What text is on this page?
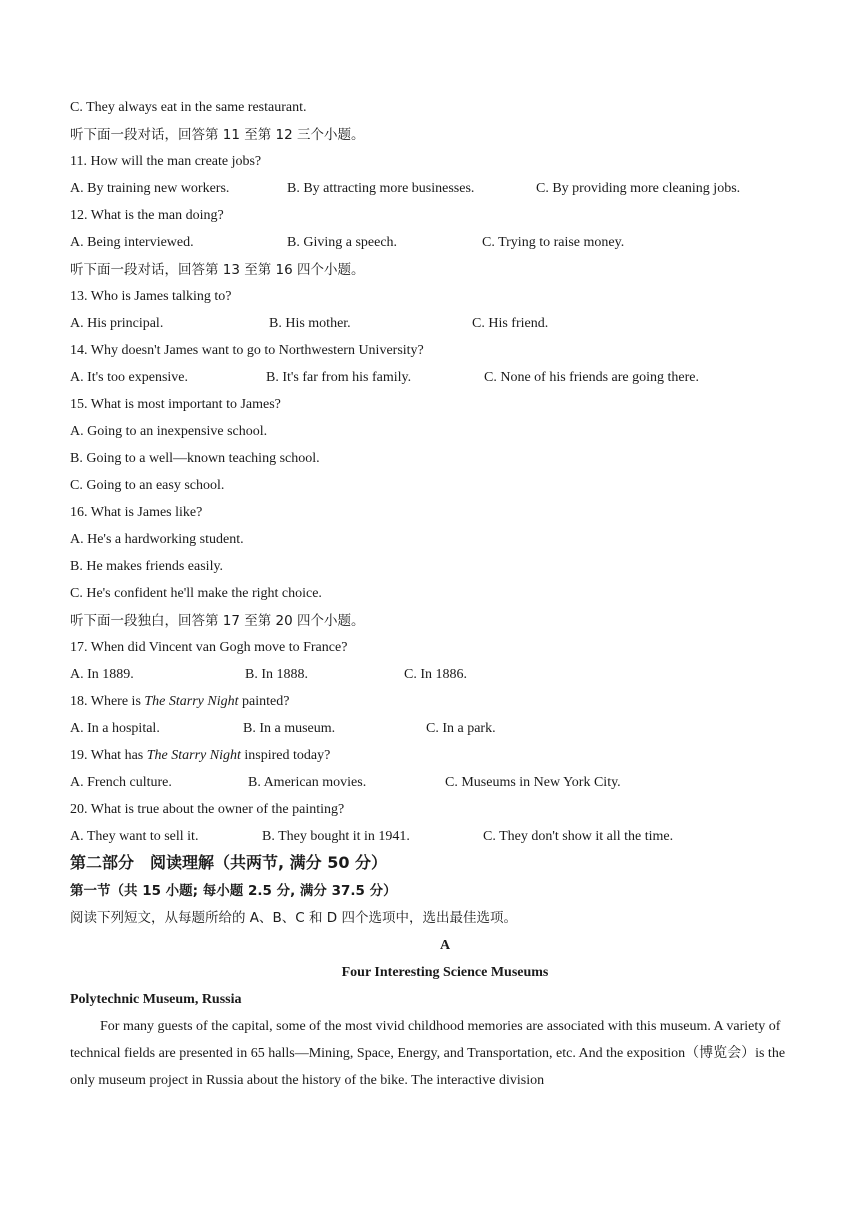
C. They always eat in the same restaurant.
听下面一段对话，回答第 11 至第 12 三个小题。
11. How will the man create jobs?
A. By training new workers.	B. By attracting more businesses.	C. By providing more cleaning jobs.
12. What is the man doing?
A. Being interviewed.	B. Giving a speech.	C. Trying to raise money.
听下面一段对话，回答第 13 至第 16 四个小题。
13. Who is James talking to?
A. His principal.	B. His mother.	C. His friend.
14. Why doesn't James want to go to Northwestern University?
A. It's too expensive.	B. It's far from his family.	C. None of his friends are going there.
15. What is most important to James?
A. Going to an inexpensive school.
B. Going to a well—known teaching school.
C. Going to an easy school.
16. What is James like?
A. He's a hardworking student.
B. He makes friends easily.
C. He's confident he'll make the right choice.
听下面一段独白，回答第 17 至第 20 四个小题。
17. When did Vincent van Gogh move to France?
A. In 1889.	B. In 1888.	C. In 1886.
18. Where is The Starry Night painted?
A. In a hospital.	B. In a museum.	C. In a park.
19. What has The Starry Night inspired today?
A. French culture.	B. American movies.	C. Museums in New York City.
20. What is true about the owner of the painting?
A. They want to sell it.	B. They bought it in 1941.	C. They don't show it all the time.
第二部分　阅读理解（共两节, 满分 50 分）
第一节（共 15 小题; 每小题 2.5 分, 满分 37.5 分）
阅读下列短文，从每题所给的 A、B、C 和 D 四个选项中，选出最佳选项。
A
Four Interesting Science Museums
Polytechnic Museum, Russia
For many guests of the capital, some of the most vivid childhood memories are associated with this museum. A variety of technical fields are presented in 65 halls—Mining, Space, Energy, and Transportation, etc. And the exposition（博览会）is the only museum project in Russia about the history of the bike. The interactive division
